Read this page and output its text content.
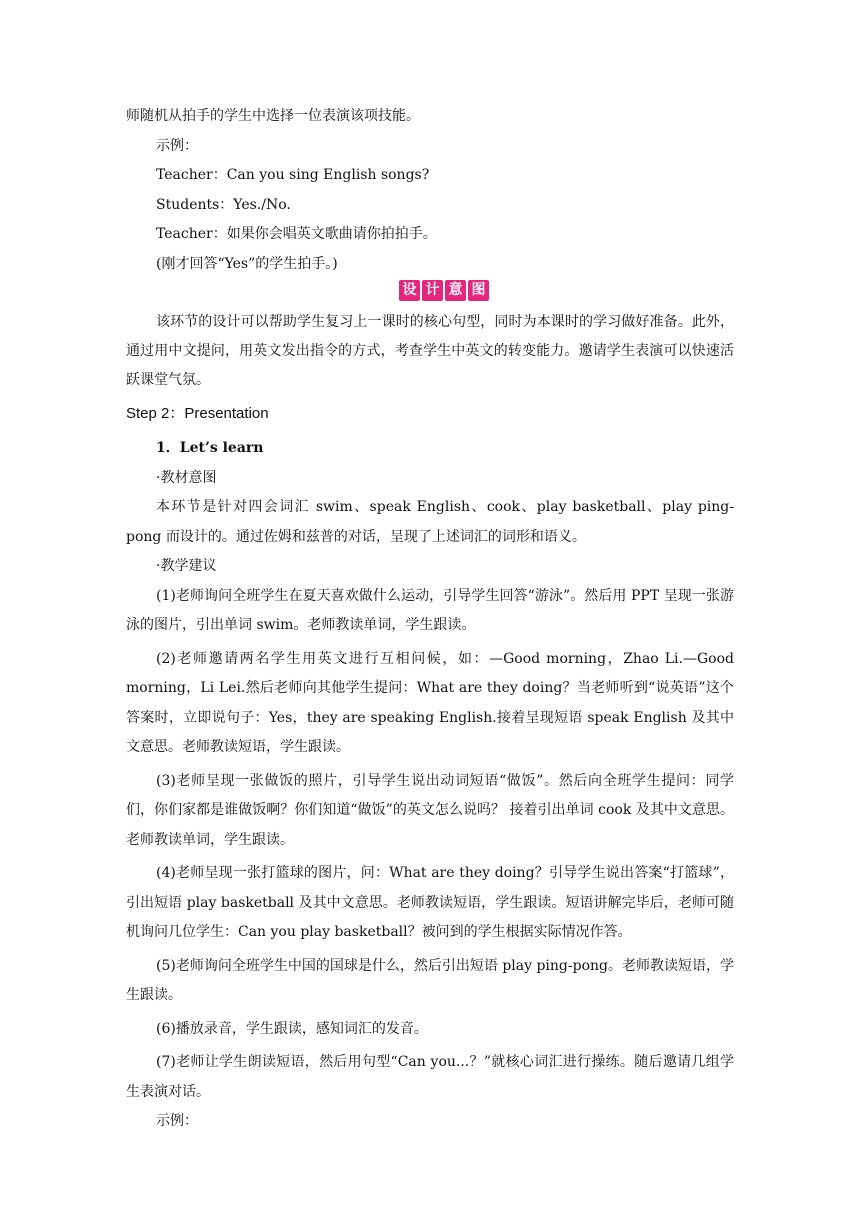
师随机从拍手的学生中选择一位表演该项技能。

示例：

Teacher：Can you sing English songs?

Students：Yes./No.

Teacher：如果你会唱英文歌曲请你拍拍手。

(刚才回答“Yes”的学生拍手。)

设 计 意 图

该环节的设计可以帮助学生复习上一课时的核心句型，同时为本课时的学习做好准备。此外，通过用中文提问，用英文发出指令的方式，考查学生中英文的转变能力。邀请学生表演可以快速活跃课堂气氛。

Step 2：Presentation

1．Let’s learn

·教材意图

本环节是针对四会词汇 swim、speak English、cook、play basketball、play ping-pong 而设计的。通过佐姆和兹普的对话，呈现了上述词汇的词形和语义。

·教学建议

(1)老师询问全班学生在夏天喜欢做什么运动，引导学生回答“游泳”。然后用 PPT 呈现一张游泳的图片，引出单词 swim。老师教读单词，学生跟读。

(2)老师邀请两名学生用英文进行互相问候，如：—Good morning，Zhao Li.—Good morning，Li Lei.然后老师向其他学生提问：What are they doing？当老师听到“说英语”这个答案时，立即说句子：Yes，they are speaking English.接着呈现短语 speak English 及其中文意思。老师教读短语，学生跟读。

(3)老师呈现一张做饭的照片，引导学生说出动词短语“做饭”。然后向全班学生提问：同学们，你们家都是谁做饭啊？你们知道“做饭”的英文怎么说吗？ 接着引出单词 cook 及其中文意思。老师教读单词，学生跟读。

(4)老师呈现一张打篮球的图片，问：What are they doing？引导学生说出答案“打篮球”，引出短语 play basketball 及其中文意思。老师教读短语，学生跟读。短语讲解完毕后，老师可随机询问几位学生：Can you play basketball？被问到的学生根据实际情况作答。

(5)老师询问全班学生中国的国球是什么，然后引出短语 play ping-pong。老师教读短语，学生跟读。

(6)播放录音，学生跟读，感知词汇的发音。

(7)老师让学生朗读短语，然后用句型“Can you...？”就核心词汇进行操练。随后邀请几组学生表演对话。

示例：
